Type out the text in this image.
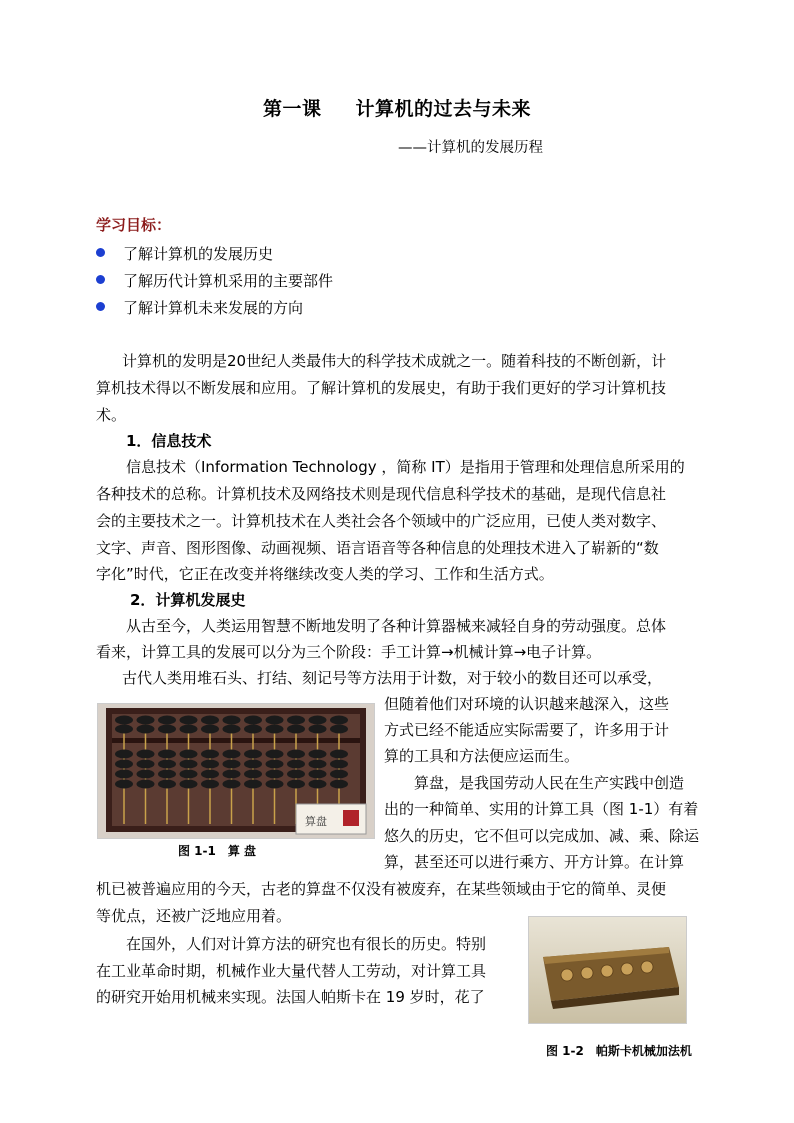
第一课 计算机的过去与未来
——计算机的发展历程
学习目标：
了解计算机的发展历史
了解历代计算机采用的主要部件
了解计算机未来发展的方向
计算机的发明是20世纪人类最伟大的科学技术成就之一。随着科技的不断创新，计
算机技术得以不断发展和应用。了解计算机的发展史，有助于我们更好的学习计算机技
术。
1．信息技术
信息技术（Information Technology ，简称 IT）是指用于管理和处理信息所采用的
各种技术的总称。计算机技术及网络技术则是现代信息科学技术的基础，是现代信息社
会的主要技术之一。计算机技术在人类社会各个领域中的广泛应用，已使人类对数字、
文字、声音、图形图像、动画视频、语言语音等各种信息的处理技术进入了崭新的“数
字化”时代，它正在改变并将继续改变人类的学习、工作和生活方式。
2．计算机发展史
从古至今，人类运用智慧不断地发明了各种计算器械来减轻自身的劳动强度。总体
看来，计算工具的发展可以分为三个阶段：手工计算→机械计算→电子计算。
古代人类用堆石头、打结、刻记号等方法用于计数，对于较小的数目还可以承受，
算盘
图 1-1　算 盘
但随着他们对环境的认识越来越深入，这些
方式已经不能适应实际需要了，许多用于计
算的工具和方法便应运而生。
算盘，是我国劳动人民在生产实践中创造
出的一种简单、实用的计算工具（图 1-1）有着
悠久的历史，它不但可以完成加、减、乘、除运
算，甚至还可以进行乘方、开方计算。在计算
机已被普遍应用的今天，古老的算盘不仅没有被废弃，在某些领域由于它的简单、灵便
等优点，还被广泛地应用着。
在国外，人们对计算方法的研究也有很长的历史。特别
在工业革命时期，机械作业大量代替人工劳动，对计算工具
的研究开始用机械来实现。法国人帕斯卡在 19 岁时，花了
图 1-2　帕斯卡机械加法机
